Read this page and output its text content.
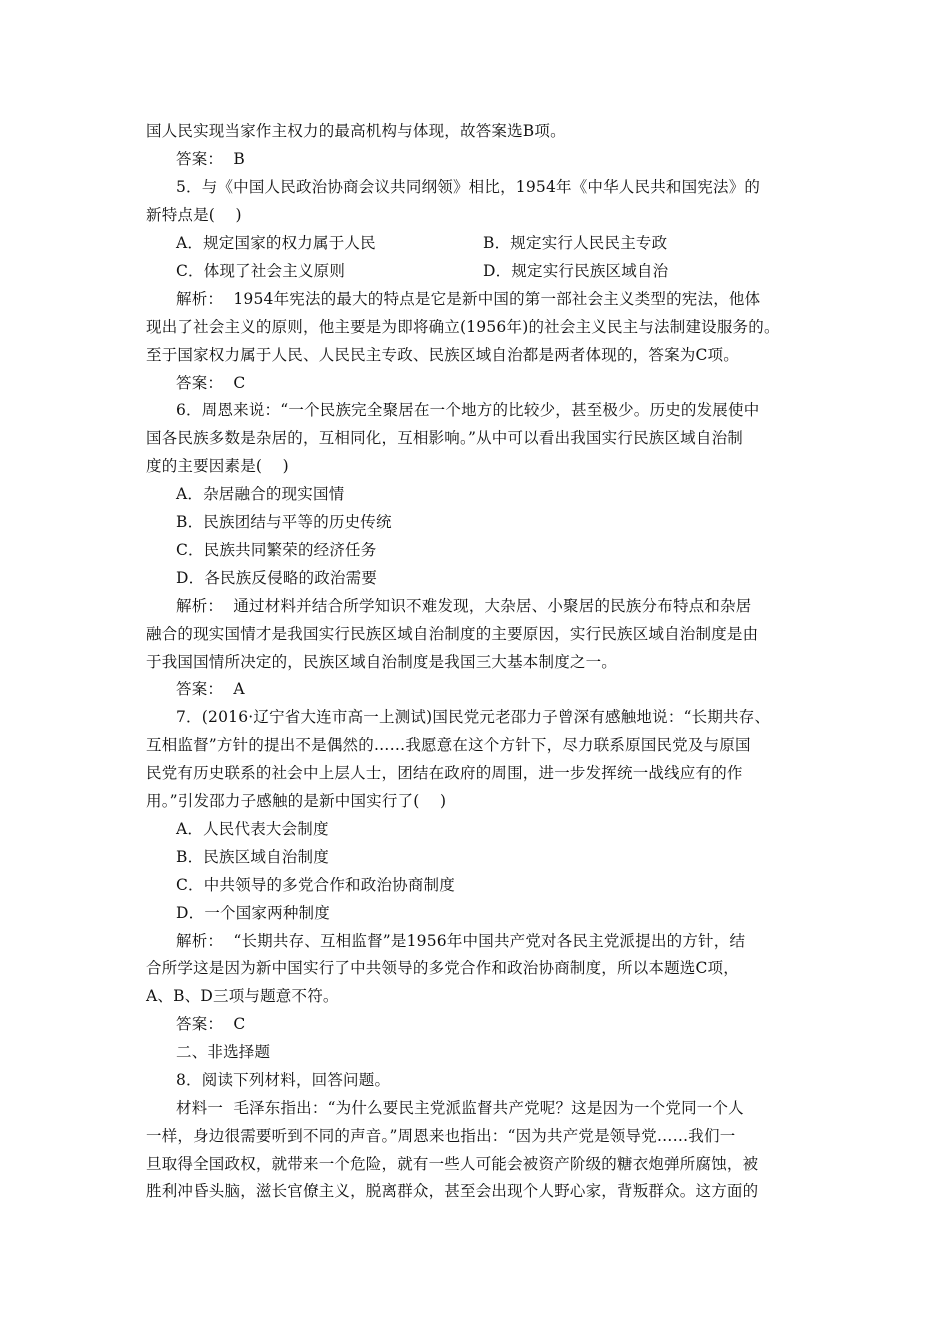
国人民实现当家作主权力的最高机构与体现，故答案选B项。
答案：  B
5．与《中国人民政治协商会议共同纲领》相比，1954年《中华人民共和国宪法》的
新特点是(    )
A．规定国家的权力属于人民	B．规定实行人民民主专政
C．体现了社会主义原则	D．规定实行民族区域自治
解析：  1954年宪法的最大的特点是它是新中国的第一部社会主义类型的宪法，他体
现出了社会主义的原则，他主要是为即将确立(1956年)的社会主义民主与法制建设服务的。
至于国家权力属于人民、人民民主专政、民族区域自治都是两者体现的，答案为C项。
答案：  C
6．周恩来说：“一个民族完全聚居在一个地方的比较少，甚至极少。历史的发展使中
国各民族多数是杂居的，互相同化，互相影响。”从中可以看出我国实行民族区域自治制
度的主要因素是(    )
A．杂居融合的现实国情
B．民族团结与平等的历史传统
C．民族共同繁荣的经济任务
D．各民族反侵略的政治需要
解析：  通过材料并结合所学知识不难发现，大杂居、小聚居的民族分布特点和杂居
融合的现实国情才是我国实行民族区域自治制度的主要原因，实行民族区域自治制度是由
于我国国情所决定的，民族区域自治制度是我国三大基本制度之一。
答案：  A
7．(2016·辽宁省大连市高一上测试)国民党元老邵力子曾深有感触地说：“长期共存、
互相监督”方针的提出不是偶然的……我愿意在这个方针下，尽力联系原国民党及与原国
民党有历史联系的社会中上层人士，团结在政府的周围，进一步发挥统一战线应有的作
用。”引发邵力子感触的是新中国实行了(    )
A．人民代表大会制度
B．民族区域自治制度
C．中共领导的多党合作和政治协商制度
D．一个国家两种制度
解析：  “长期共存、互相监督”是1956年中国共产党对各民主党派提出的方针，结
合所学这是因为新中国实行了中共领导的多党合作和政治协商制度，所以本题选C项，
A、B、D三项与题意不符。
答案：  C
二、非选择题
8．阅读下列材料，回答问题。
材料一  毛泽东指出：“为什么要民主党派监督共产党呢？这是因为一个党同一个人
一样，身边很需要听到不同的声音。”周恩来也指出：“因为共产党是领导党……我们一
旦取得全国政权，就带来一个危险，就有一些人可能会被资产阶级的糖衣炮弹所腐蚀，被
胜利冲昏头脑，滋长官僚主义，脱离群众，甚至会出现个人野心家，背叛群众。这方面的
